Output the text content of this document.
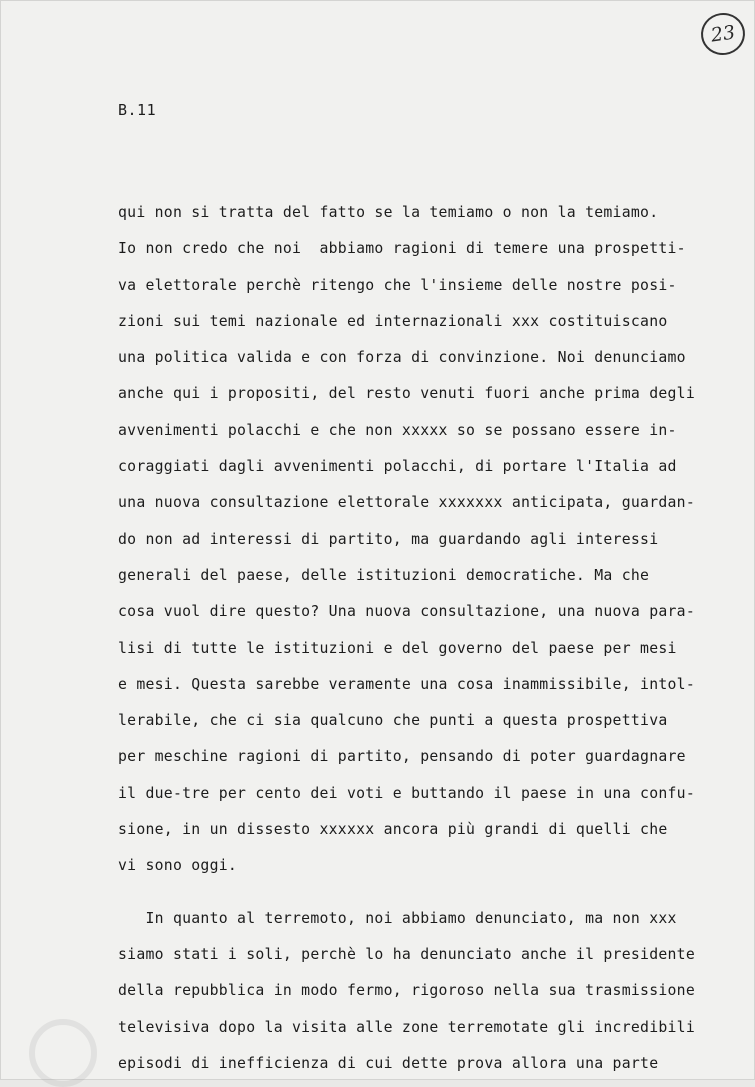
23
B.11
qui non si tratta del fatto se la temiamo o non la temiamo.
Io non credo che noi  abbiamo ragioni di temere una prospetti-
va elettorale perchè ritengo che l'insieme delle nostre posi-
zioni sui temi nazionale ed internazionali xxx costituiscano
una politica valida e con forza di convinzione. Noi denunciamo
anche qui i propositi, del resto venuti fuori anche prima degli
avvenimenti polacchi e che non xxxxx so se possano essere in-
coraggiati dagli avvenimenti polacchi, di portare l'Italia ad
una nuova consultazione elettorale xxxxxxx anticipata, guardan-
do non ad interessi di partito, ma guardando agli interessi
generali del paese, delle istituzioni democratiche. Ma che
cosa vuol dire questo? Una nuova consultazione, una nuova para-
lisi di tutte le istituzioni e del governo del paese per mesi
e mesi. Questa sarebbe veramente una cosa inammissibile, intol-
lerabile, che ci sia qualcuno che punti a questa prospettiva
per meschine ragioni di partito, pensando di poter guardagnare
il due-tre per cento dei voti e buttando il paese in una confu-
sione, in un dissesto xxxxxx ancora più grandi di quelli che
vi sono oggi.
In quanto al terremoto, noi abbiamo denunciato, ma non xxx
siamo stati i soli, perchè lo ha denunciato anche il presidente
della repubblica in modo fermo, rigoroso nella sua trasmissione
televisiva dopo la visita alle zone terremotate gli incredibili
episodi di inefficienza di cui dette prova allora una parte
